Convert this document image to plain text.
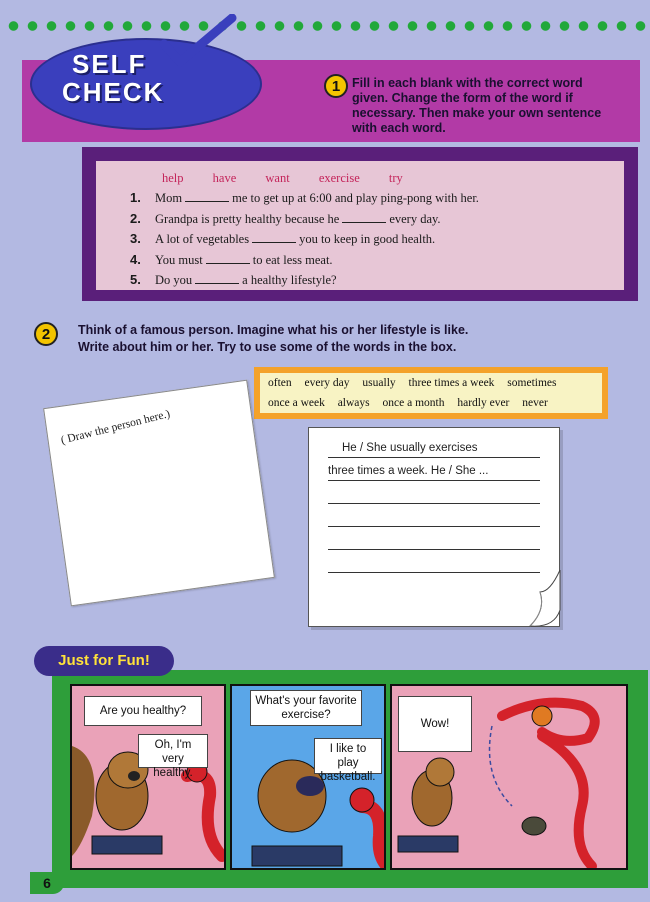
SELF
CHECK	1 Fill in each blank with the correct word given. Change the form of the word if necessary. Then make your own sentence with each word.
help have want exercise try
1. Mom	me to get up at 6:00 and play ping-pong with her.
2. Grandpa is pretty healthy because he	every day.
3. A lot of vegetables	you to keep in good health.
4. You must	to eat less meat.
5. Do you	a healthy lifestyle?
2	Think of a famous person. Imagine what his or her lifestyle is like.
Write about him or her. Try to use some of the words in the box.
often every day usually three times a week sometimes
once a week always once a month hardly ever never
( Draw the person here.)
He / She usually exercises
three times a week. He / She ...
Just for Fun!
Are you healthy?
Oh, I'm very healthy.
What's your favorite exercise?
I like to play basketball.
Wow!
6
